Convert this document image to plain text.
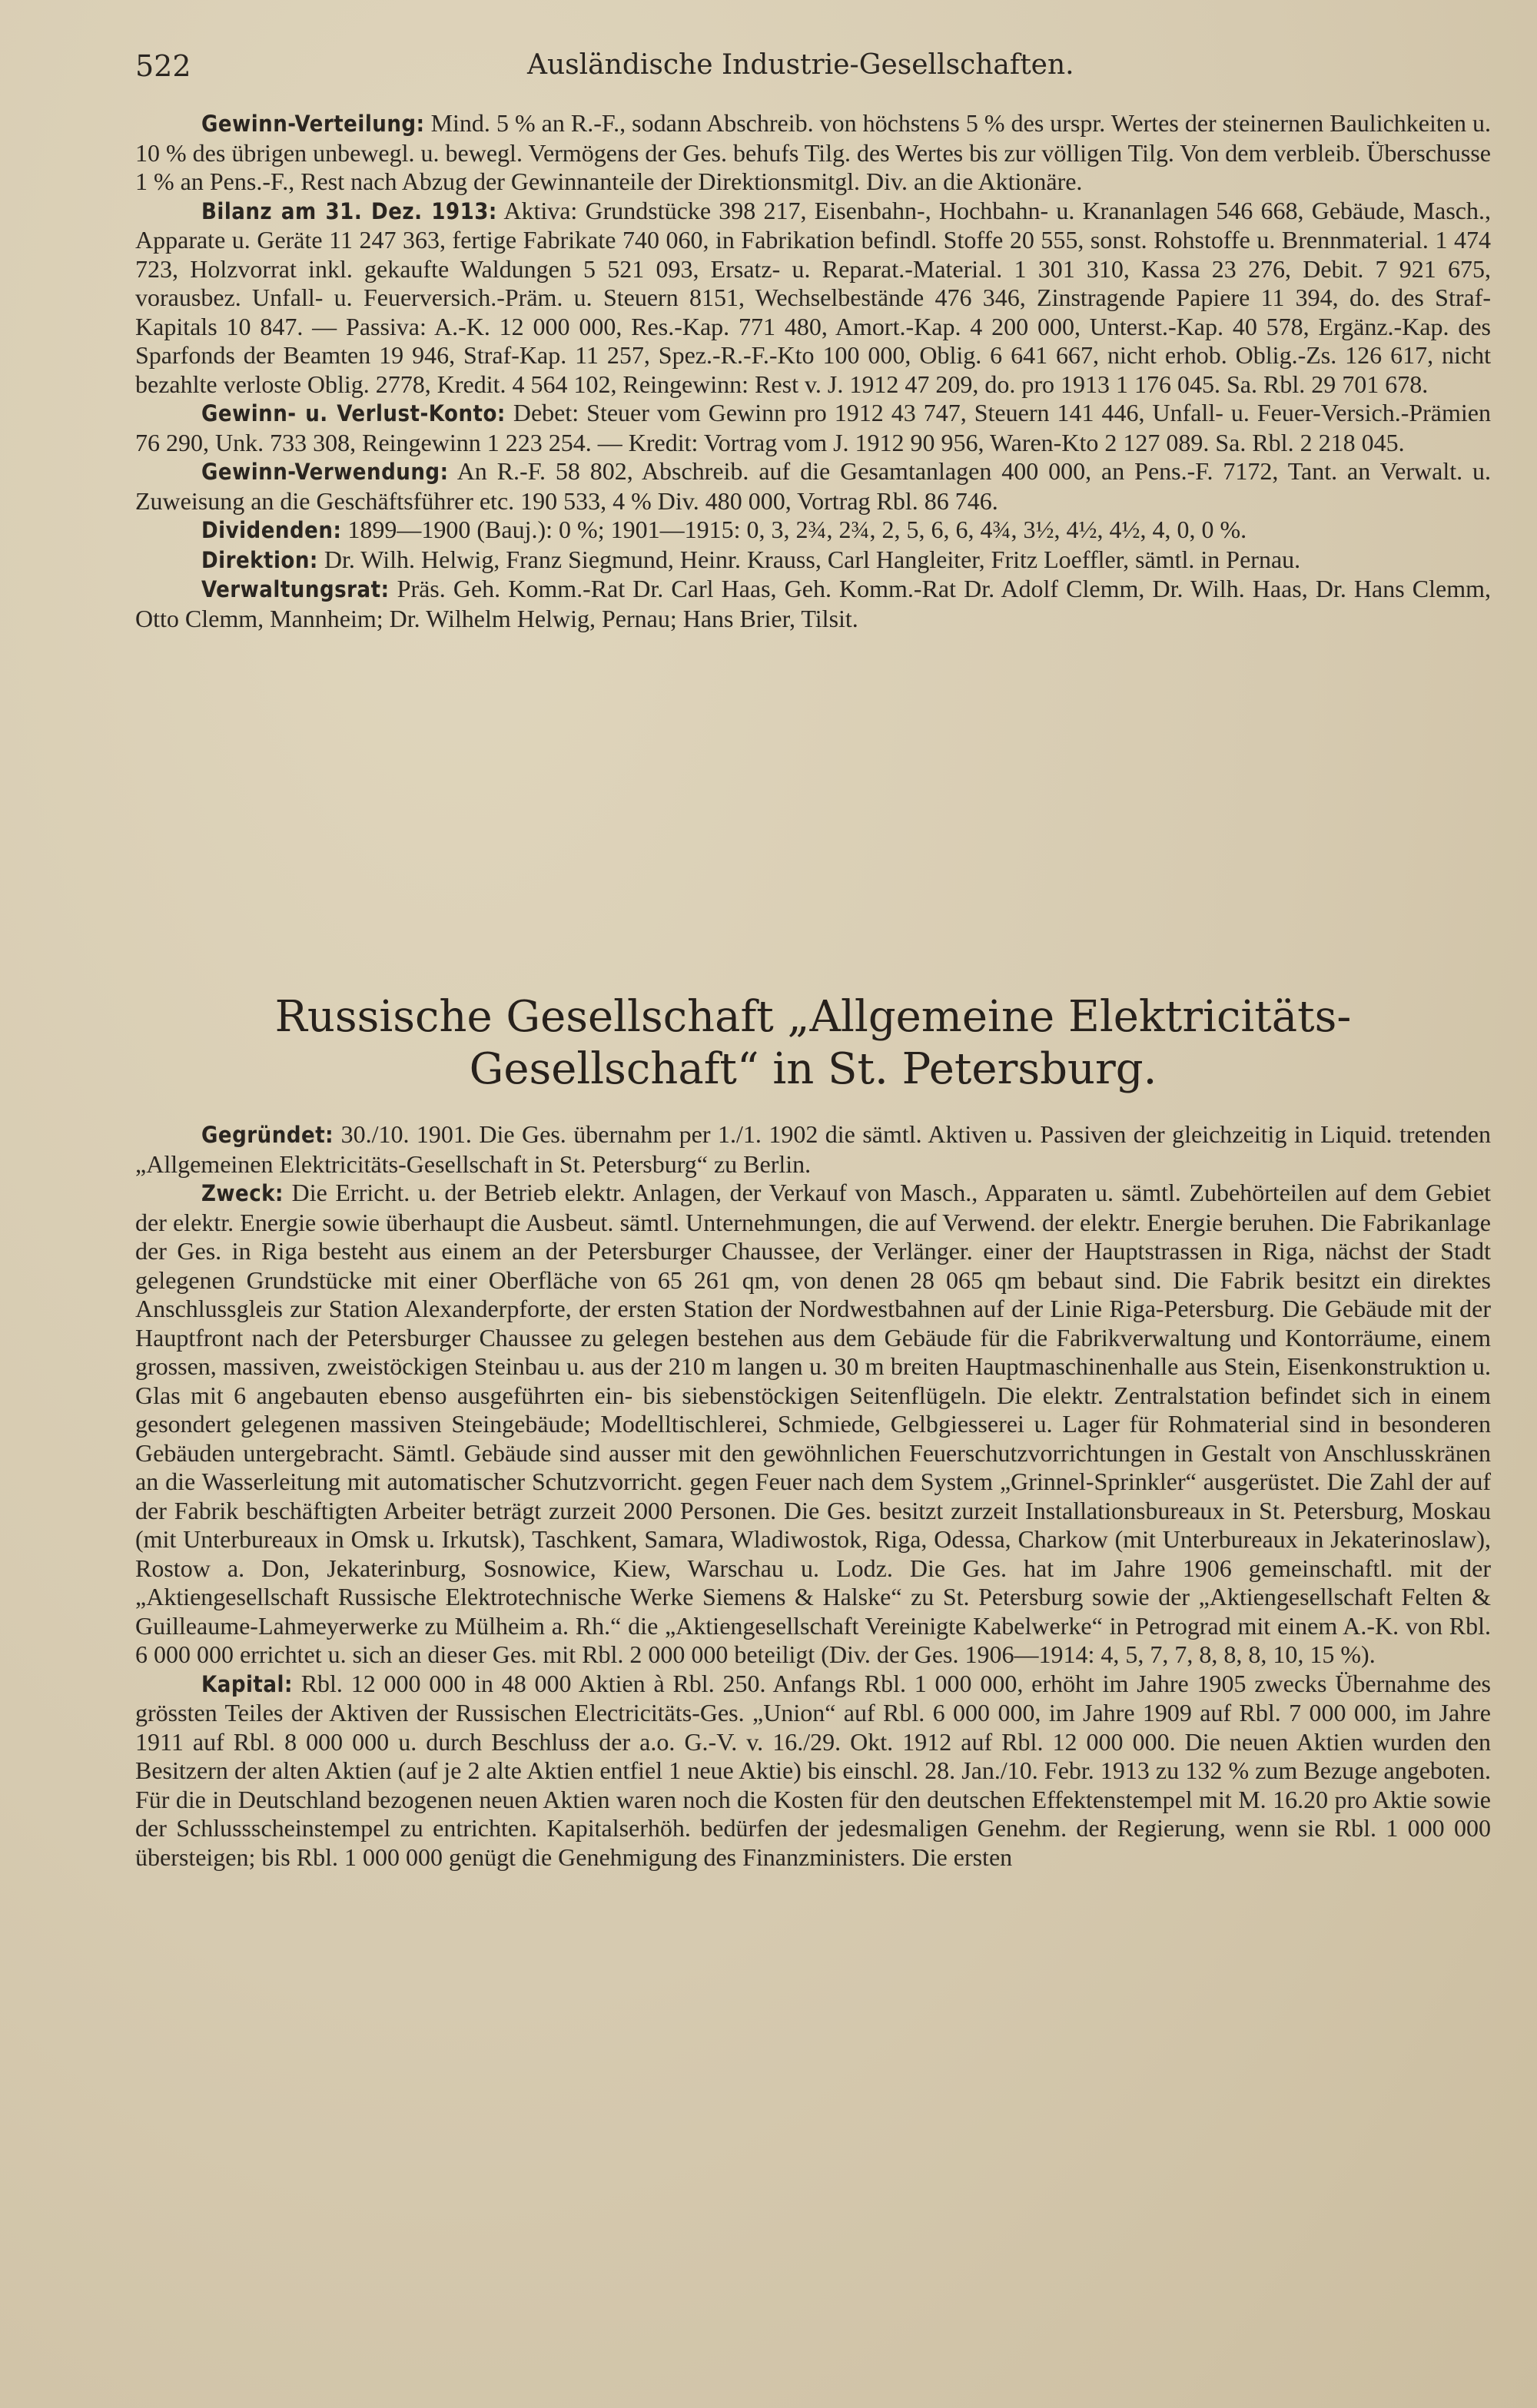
522	Ausländische Industrie-Gesellschaften.

Gewinn-Verteilung: Mind. 5 % an R.-F., sodann Abschreib. von höchstens 5 % des urspr. Wertes der steinernen Baulichkeiten u. 10 % des übrigen unbewegl. u. bewegl. Vermögens der Ges. behufs Tilg. des Wertes bis zur völligen Tilg. Von dem verbleib. Überschusse 1 % an Pens.-F., Rest nach Abzug der Gewinnanteile der Direktionsmitgl. Div. an die Aktionäre.

Bilanz am 31. Dez. 1913: Aktiva: Grundstücke 398 217, Eisenbahn-, Hochbahn- u. Krananlagen 546 668, Gebäude, Masch., Apparate u. Geräte 11 247 363, fertige Fabrikate 740 060, in Fabrikation befindl. Stoffe 20 555, sonst. Rohstoffe u. Brennmaterial. 1 474 723, Holzvorrat inkl. gekaufte Waldungen 5 521 093, Ersatz- u. Reparat.-Material. 1 301 310, Kassa 23 276, Debit. 7 921 675, vorausbez. Unfall- u. Feuerversich.-Präm. u. Steuern 8151, Wechselbestände 476 346, Zinstragende Papiere 11 394, do. des Straf-Kapitals 10 847. — Passiva: A.-K. 12 000 000, Res.-Kap. 771 480, Amort.-Kap. 4 200 000, Unterst.-Kap. 40 578, Ergänz.-Kap. des Sparfonds der Beamten 19 946, Straf-Kap. 11 257, Spez.-R.-F.-Kto 100 000, Oblig. 6 641 667, nicht erhob. Oblig.-Zs. 126 617, nicht bezahlte verloste Oblig. 2778, Kredit. 4 564 102, Reingewinn: Rest v. J. 1912 47 209, do. pro 1913 1 176 045. Sa. Rbl. 29 701 678.

Gewinn- u. Verlust-Konto: Debet: Steuer vom Gewinn pro 1912 43 747, Steuern 141 446, Unfall- u. Feuer-Versich.-Prämien 76 290, Unk. 733 308, Reingewinn 1 223 254. — Kredit: Vortrag vom J. 1912 90 956, Waren-Kto 2 127 089. Sa. Rbl. 2 218 045.

Gewinn-Verwendung: An R.-F. 58 802, Abschreib. auf die Gesamtanlagen 400 000, an Pens.-F. 7172, Tant. an Verwalt. u. Zuweisung an die Geschäftsführer etc. 190 533, 4 % Div. 480 000, Vortrag Rbl. 86 746.

Dividenden: 1899—1900 (Bauj.): 0 %; 1901—1915: 0, 3, 2¾, 2¾, 2, 5, 6, 6, 4¾, 3½, 4½, 4½, 4, 0, 0 %.

Direktion: Dr. Wilh. Helwig, Franz Siegmund, Heinr. Krauss, Carl Hangleiter, Fritz Loeffler, sämtl. in Pernau.

Verwaltungsrat: Präs. Geh. Komm.-Rat Dr. Carl Haas, Geh. Komm.-Rat Dr. Adolf Clemm, Dr. Wilh. Haas, Dr. Hans Clemm, Otto Clemm, Mannheim; Dr. Wilhelm Helwig, Pernau; Hans Brier, Tilsit.

Russische Gesellschaft „Allgemeine Elektricitäts-
Gesellschaft“ in St. Petersburg.

Gegründet: 30./10. 1901. Die Ges. übernahm per 1./1. 1902 die sämtl. Aktiven u. Passiven der gleichzeitig in Liquid. tretenden „Allgemeinen Elektricitäts-Gesellschaft in St. Petersburg“ zu Berlin.

Zweck: Die Erricht. u. der Betrieb elektr. Anlagen, der Verkauf von Masch., Apparaten u. sämtl. Zubehörteilen auf dem Gebiet der elektr. Energie sowie überhaupt die Ausbeut. sämtl. Unternehmungen, die auf Verwend. der elektr. Energie beruhen. Die Fabrikanlage der Ges. in Riga besteht aus einem an der Petersburger Chaussee, der Verlänger. einer der Hauptstrassen in Riga, nächst der Stadt gelegenen Grundstücke mit einer Oberfläche von 65 261 qm, von denen 28 065 qm bebaut sind. Die Fabrik besitzt ein direktes Anschlussgleis zur Station Alexanderpforte, der ersten Station der Nordwestbahnen auf der Linie Riga-Petersburg. Die Gebäude mit der Hauptfront nach der Petersburger Chaussee zu gelegen bestehen aus dem Gebäude für die Fabrikverwaltung und Kontorräume, einem grossen, massiven, zweistöckigen Steinbau u. aus der 210 m langen u. 30 m breiten Hauptmaschinenhalle aus Stein, Eisenkonstruktion u. Glas mit 6 angebauten ebenso ausgeführten ein- bis siebenstöckigen Seitenflügeln. Die elektr. Zentralstation befindet sich in einem gesondert gelegenen massiven Steingebäude; Modelltischlerei, Schmiede, Gelbgiesserei u. Lager für Rohmaterial sind in besonderen Gebäuden untergebracht. Sämtl. Gebäude sind ausser mit den gewöhnlichen Feuerschutzvorrichtungen in Gestalt von Anschlusskränen an die Wasserleitung mit automatischer Schutzvorricht. gegen Feuer nach dem System „Grinnel-Sprinkler“ ausgerüstet. Die Zahl der auf der Fabrik beschäftigten Arbeiter beträgt zurzeit 2000 Personen. Die Ges. besitzt zurzeit Installationsbureaux in St. Petersburg, Moskau (mit Unterbureaux in Omsk u. Irkutsk), Taschkent, Samara, Wladiwostok, Riga, Odessa, Charkow (mit Unterbureaux in Jekaterinoslaw), Rostow a. Don, Jekaterinburg, Sosnowice, Kiew, Warschau u. Lodz. Die Ges. hat im Jahre 1906 gemeinschaftl. mit der „Aktiengesellschaft Russische Elektrotechnische Werke Siemens & Halske“ zu St. Petersburg sowie der „Aktiengesellschaft Felten & Guilleaume-Lahmeyerwerke zu Mülheim a. Rh.“ die „Aktiengesellschaft Vereinigte Kabelwerke“ in Petrograd mit einem A.-K. von Rbl. 6 000 000 errichtet u. sich an dieser Ges. mit Rbl. 2 000 000 beteiligt (Div. der Ges. 1906—1914: 4, 5, 7, 7, 8, 8, 8, 10, 15 %).

Kapital: Rbl. 12 000 000 in 48 000 Aktien à Rbl. 250. Anfangs Rbl. 1 000 000, erhöht im Jahre 1905 zwecks Übernahme des grössten Teiles der Aktiven der Russischen Electricitäts-Ges. „Union“ auf Rbl. 6 000 000, im Jahre 1909 auf Rbl. 7 000 000, im Jahre 1911 auf Rbl. 8 000 000 u. durch Beschluss der a.o. G.-V. v. 16./29. Okt. 1912 auf Rbl. 12 000 000. Die neuen Aktien wurden den Besitzern der alten Aktien (auf je 2 alte Aktien entfiel 1 neue Aktie) bis einschl. 28. Jan./10. Febr. 1913 zu 132 % zum Bezuge angeboten. Für die in Deutschland bezogenen neuen Aktien waren noch die Kosten für den deutschen Effektenstempel mit M. 16.20 pro Aktie sowie der Schlussscheinstempel zu entrichten. Kapitalserhöh. bedürfen der jedesmaligen Genehm. der Regierung, wenn sie Rbl. 1 000 000 übersteigen; bis Rbl. 1 000 000 genügt die Genehmigung des Finanzministers. Die ersten
